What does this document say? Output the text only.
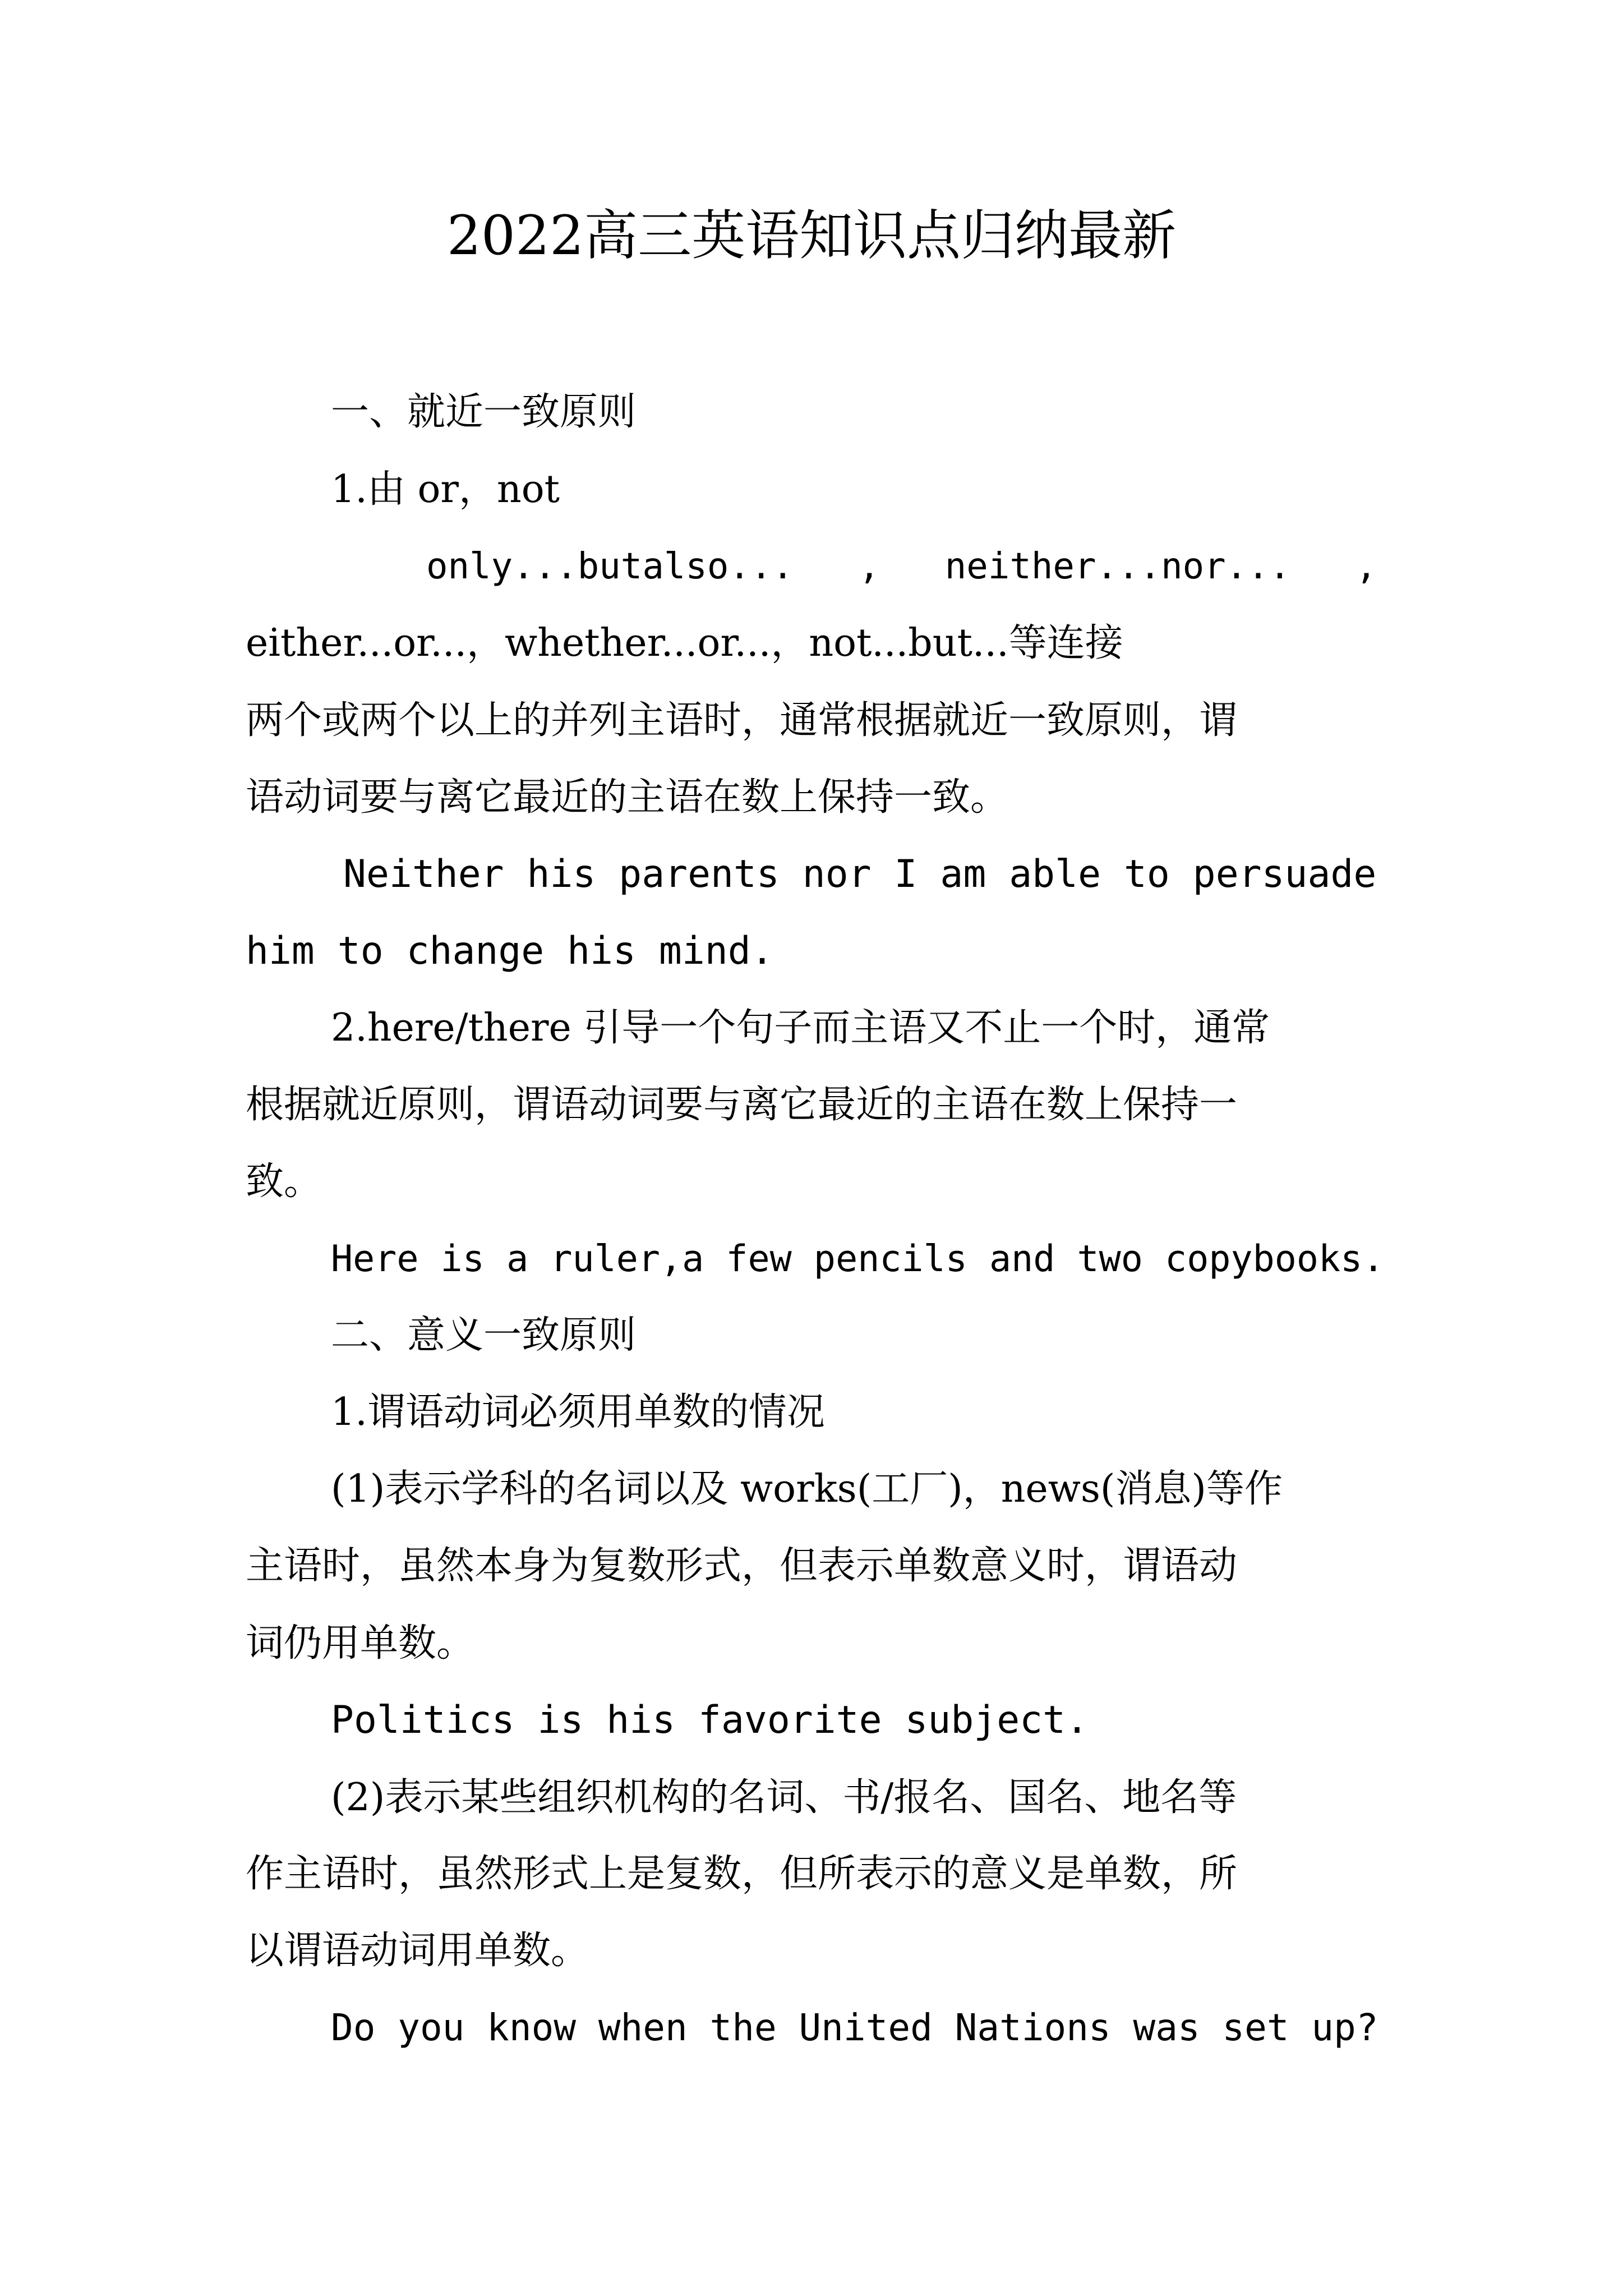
2022高三英语知识点归纳最新
一、就近一致原则
1.由 or，not
only...butalso...   ,   neither...nor...   ,
either...or...，whether...or...，not...but...等连接
两个或两个以上的并列主语时，通常根据就近一致原则，谓
语动词要与离它最近的主语在数上保持一致。
Neither his parents nor I am able to persuade
him to change his mind.
2.here/there 引导一个句子而主语又不止一个时，通常
根据就近原则，谓语动词要与离它最近的主语在数上保持一
致。
Here is a ruler,a few pencils and two copybooks.
二、意义一致原则
1.谓语动词必须用单数的情况
(1)表示学科的名词以及 works(工厂)，news(消息)等作
主语时，虽然本身为复数形式，但表示单数意义时，谓语动
词仍用单数。
Politics is his favorite subject.
(2)表示某些组织机构的名词、书/报名、国名、地名等
作主语时，虽然形式上是复数，但所表示的意义是单数，所
以谓语动词用单数。
Do you know when the United Nations was set up?
